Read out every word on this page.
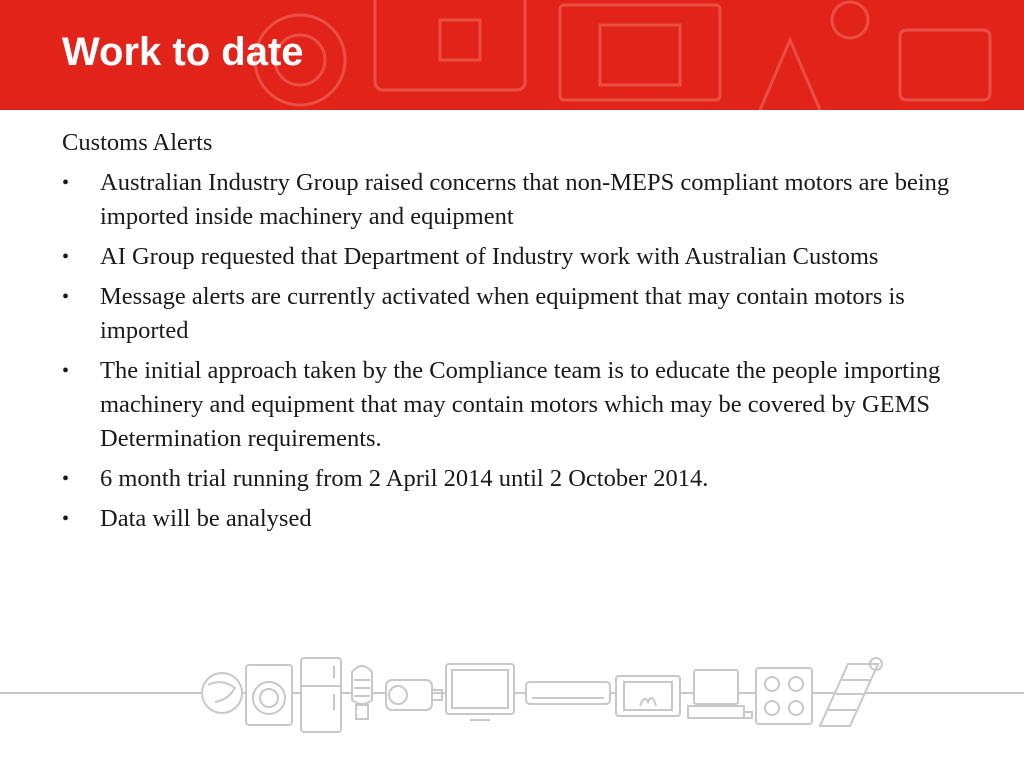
Work to date

Customs Alerts

• Australian Industry Group raised concerns that non-MEPS compliant motors are being imported inside machinery and equipment
• AI Group requested that Department of Industry work with Australian Customs
• Message alerts are currently activated when equipment that may contain motors is imported
• The initial approach taken by the Compliance team is to educate the people importing machinery and equipment that may contain motors which may be covered by GEMS Determination requirements.
• 6 month trial running from 2 April 2014 until 2 October 2014.
• Data will be analysed
